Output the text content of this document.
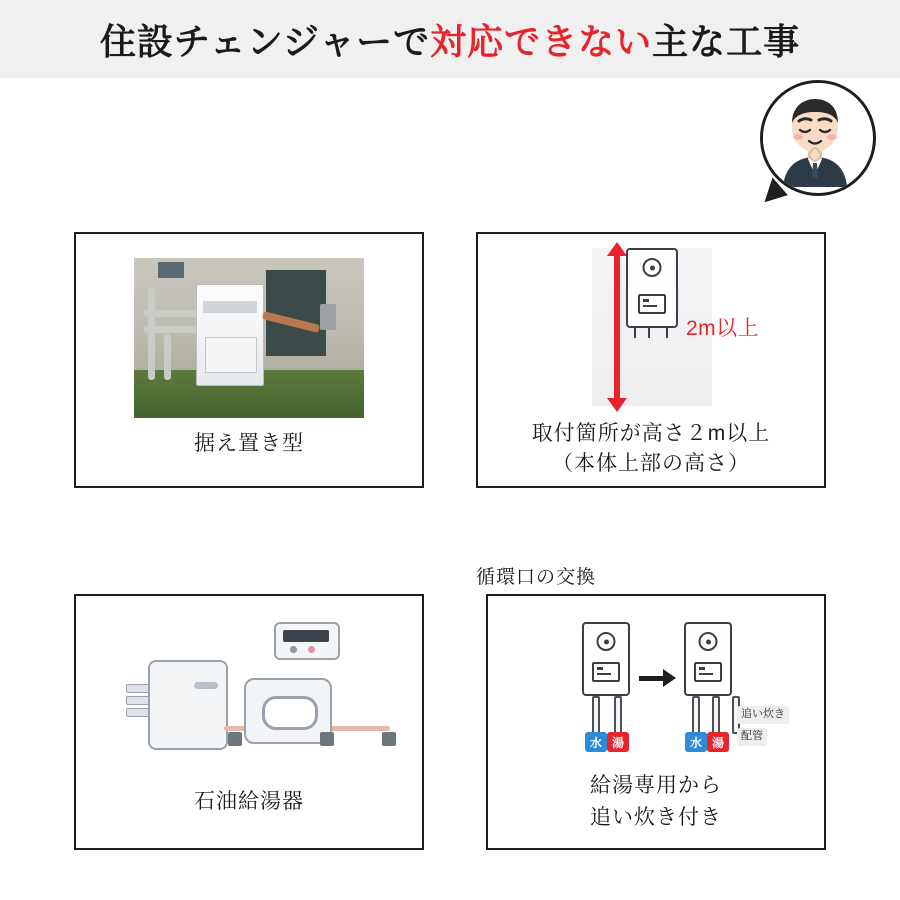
住設チェンジャーで対応できない主な工事
据え置き型
2m以上
取付箇所が高さ２m以上
（本体上部の高さ）
石油給湯器
循環口の交換
水 湯	水 湯
追い炊き
配管
給湯専用から
追い炊き付き
